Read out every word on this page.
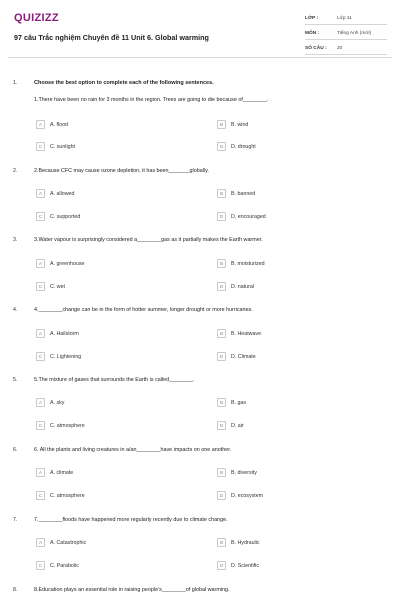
QUIZIZZ
97 câu Trắc nghiệm Chuyên đề 11 Unit 6. Global warming
LỚP :	Lớp 11
MÔN :	Tiếng Anh (mới)
SỐ CÂU :	20
1.	Choose the best option to complete each of the following sentences.
1.There have been no rain for 3 months in the region. Trees are going to die because of________.
A	A. flood	B	B. wind
C	C. sunlight	D	D. drought
2.	2.Because CFC may cause ozone depletion, it has been_______globally.
A	A. allowed	B	B. banned
C	C. supported	D	D. encouraged
3.	3.Water vapour is surprisingly considered a________gas as it partially makes the Earth warmer.
A	A. greenhouse	B	B. moisturized
C	C. wet	D	D. natural
4.	4.________change can be in the form of hotter summer, longer drought or more hurricanes.
A	A. Hailstorm	B	B. Heatwave
C	C. Lightening	D	D. Climate
5.	5.The mixture of gases that surrounds the Earth is called________.
A	A. sky	B	B. gas
C	C. atmosphere	D	D. air
6.	6. All the plants and living creatures in a/an________have impacts on one another.
A	A. climate	B	B. diversity
C	C. atmosphere	D	D. ecosystem
7.	7.________floods have happened more regularly recently due to climate change.
A	A. Catastrophic	B	B. Hydraulic
C	C. Parabolic	D	D. Scientific
8.	8.Education plays an essential role in raising people's________of global warming.
